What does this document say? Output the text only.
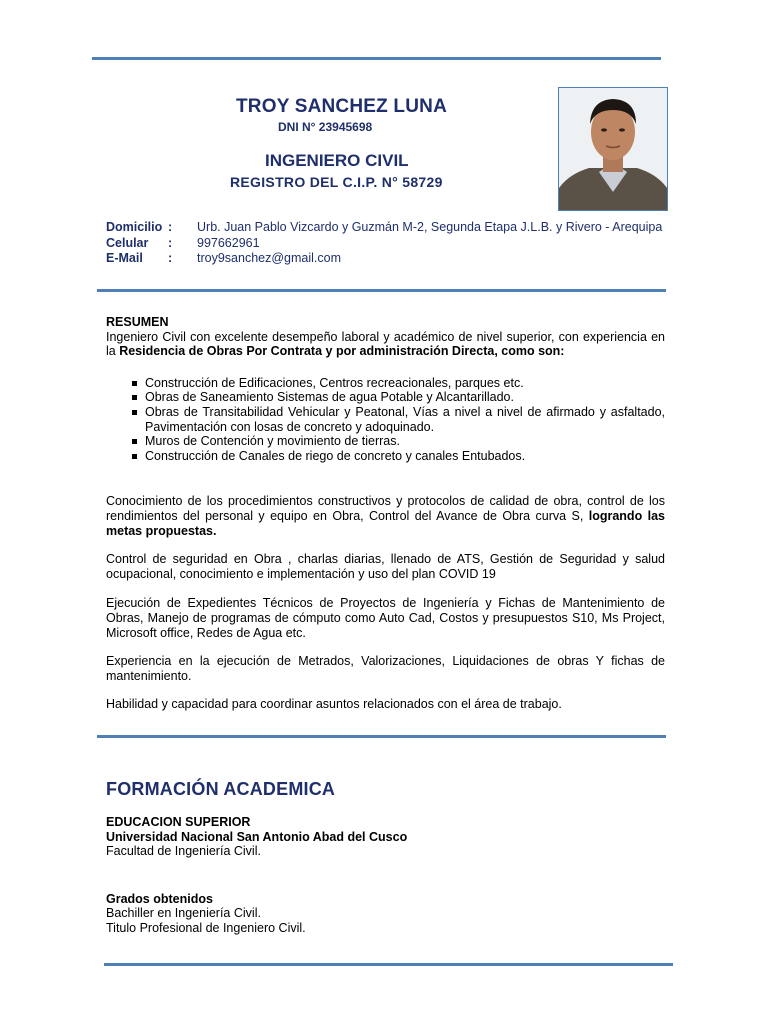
TROY SANCHEZ LUNA
DNI N° 23945698
INGENIERO CIVIL
REGISTRO DEL C.I.P. N° 58729
Domicilio : Urb. Juan Pablo Vizcardo y Guzmán M-2, Segunda Etapa J.L.B. y Rivero - Arequipa
Celular : 997662961
E-Mail : troy9sanchez@gmail.com
RESUMEN
Ingeniero Civil con excelente desempeño laboral y académico de nivel superior, con experiencia en la Residencia de Obras Por Contrata y por administración Directa, como son:
Construcción de Edificaciones, Centros recreacionales, parques etc.
Obras de Saneamiento Sistemas de agua Potable y Alcantarillado.
Obras de Transitabilidad Vehicular y Peatonal, Vías a nivel a nivel de afirmado y asfaltado, Pavimentación con losas de concreto y adoquinado.
Muros de Contención y movimiento de tierras.
Construcción de Canales de riego de concreto y canales Entubados.
Conocimiento de los procedimientos constructivos y protocolos de calidad de obra, control de los rendimientos del personal y equipo en Obra, Control del Avance de Obra curva S, logrando las metas propuestas.
Control de seguridad en Obra , charlas diarias, llenado de ATS, Gestión de Seguridad y salud ocupacional, conocimiento e implementación y uso del plan COVID 19
Ejecución de Expedientes Técnicos de Proyectos de Ingeniería y Fichas de Mantenimiento de Obras, Manejo de programas de cómputo como Auto Cad, Costos y presupuestos S10, Ms Project, Microsoft office, Redes de Agua etc.
Experiencia en la ejecución de Metrados, Valorizaciones, Liquidaciones de obras Y fichas de mantenimiento.
Habilidad y capacidad para coordinar asuntos relacionados con el área de trabajo.
FORMACIÓN ACADEMICA
EDUCACION SUPERIOR
Universidad Nacional San Antonio Abad del Cusco
Facultad de Ingeniería Civil.
Grados obtenidos
Bachiller en Ingeniería Civil.
Titulo Profesional de Ingeniero Civil.
